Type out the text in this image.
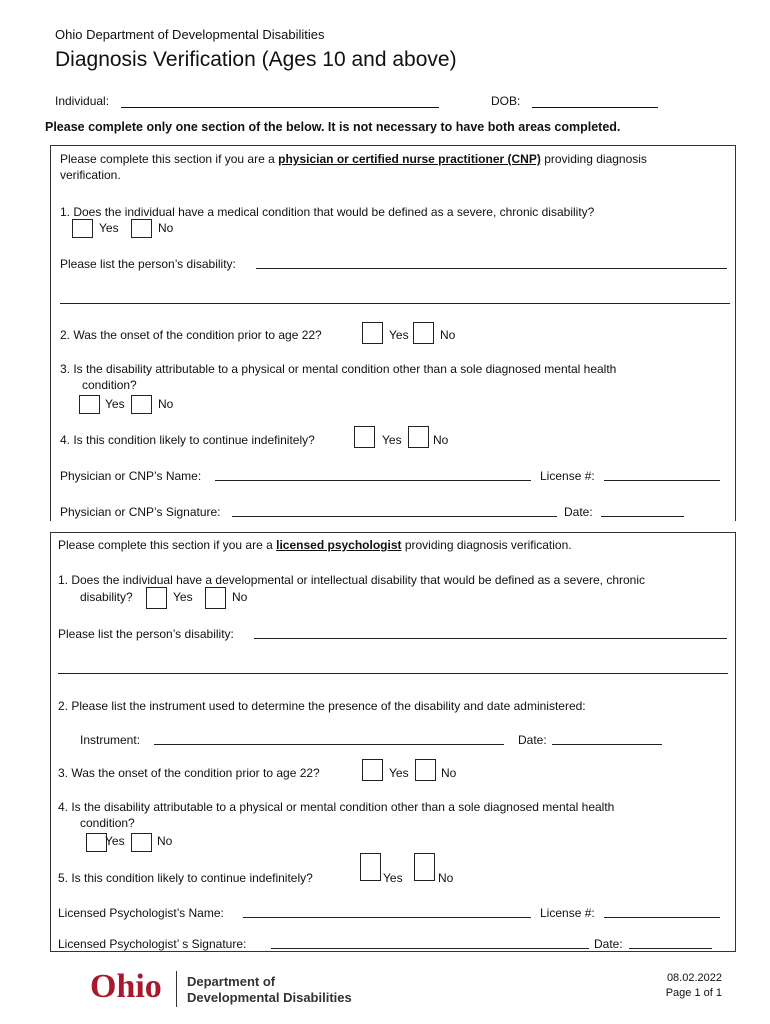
Ohio Department of Developmental Disabilities
Diagnosis Verification (Ages 10 and above)
Individual:	DOB:
Please complete only one section of the below. It is not necessary to have both areas completed.
Please complete this section if you are a physician or certified nurse practitioner (CNP) providing diagnosis
verification.
1. Does the individual have a medical condition that would be defined as a severe, chronic disability?
Yes	No
Please list the person’s disability:
2. Was the onset of the condition prior to age 22?	Yes	No
3. Is the disability attributable to a physical or mental condition other than a sole diagnosed mental health
condition?
Yes	No
4. Is this condition likely to continue indefinitely?	Yes	No
Physician or CNP’s Name:	License #:
Physician or CNP’s Signature:	Date:
Please complete this section if you are a licensed psychologist providing diagnosis verification.
1. Does the individual have a developmental or intellectual disability that would be defined as a severe, chronic
disability?	Yes	No
Please list the person’s disability:
2. Please list the instrument used to determine the presence of the disability and date administered:
Instrument:	Date:
3. Was the onset of the condition prior to age 22?	Yes	No
4. Is the disability attributable to a physical or mental condition other than a sole diagnosed mental health
condition?
Yes	No
5. Is this condition likely to continue indefinitely?	Yes	No
Licensed Psychologist’s Name:	License #:
Licensed Psychologist’ s Signature:	Date:
Ohio Department of
Developmental Disabilities
08.02.2022
Page 1 of 1
